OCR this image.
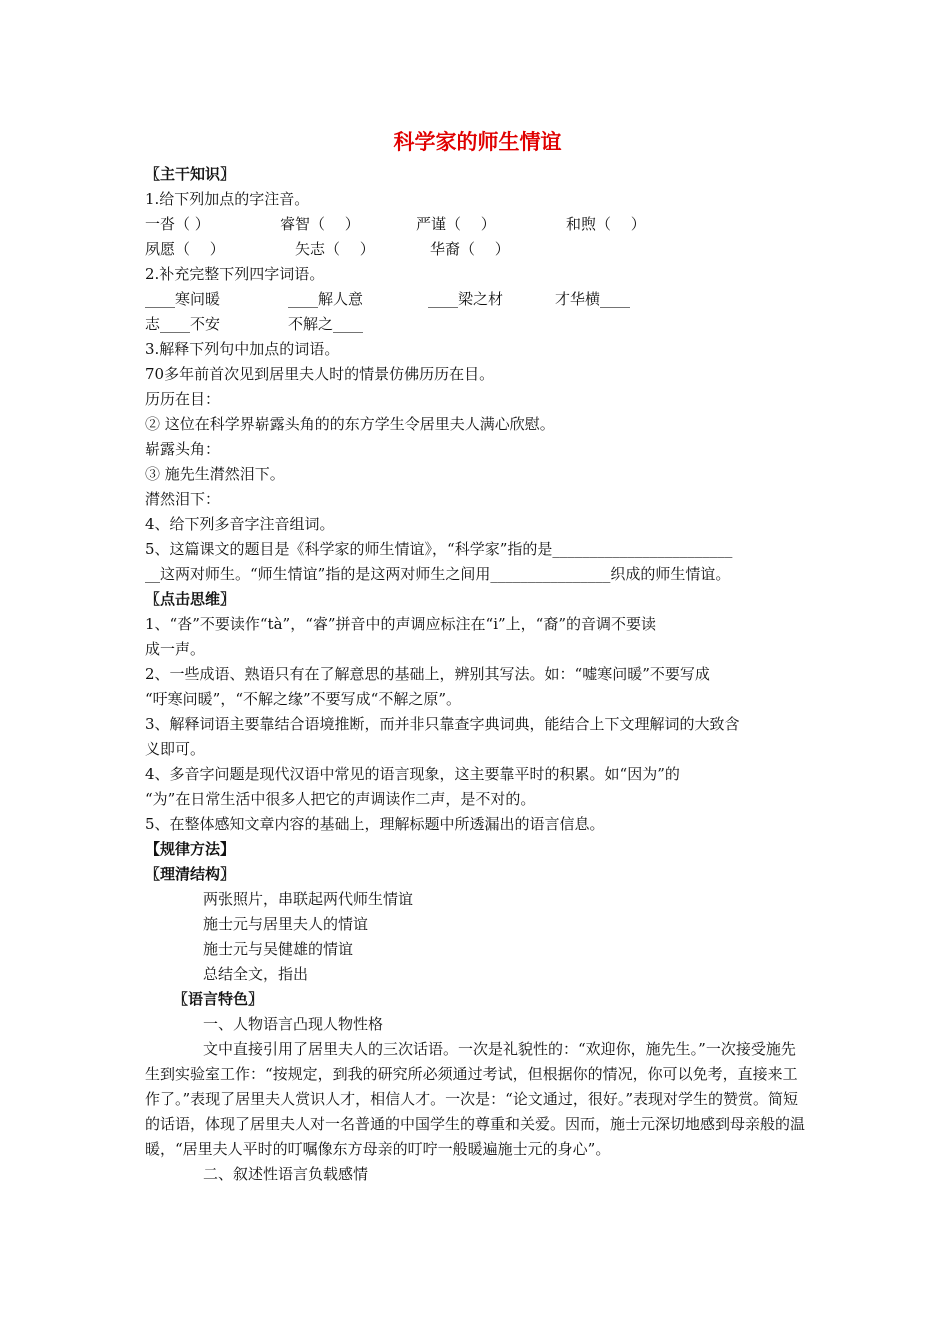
科学家的师生情谊
〖主干知识〗
1.给下列加点的字注音。
一沓（ ）	睿智（　 ）	严谨（　 ）	和煦（　 ）
夙愿（　 ）	矢志（　 ）	华裔（　 ）
2.补充完整下列四字词语。
____寒问暖	____解人意	____梁之材	才华横____
志____不安	不解之____
3.解释下列句中加点的词语。
70多年前首次见到居里夫人时的情景仿佛历历在目。
历历在目：
② 这位在科学界崭露头角的的东方学生令居里夫人满心欣慰。
崭露头角：
③ 施先生潸然泪下。
潸然泪下：
4、给下列多音字注音组词。
5、这篇课文的题目是《科学家的师生情谊》，“科学家”指的是________________________
__这两对师生。“师生情谊”指的是这两对师生之间用________________织成的师生情谊。
〖点击思维〗
1、“沓”不要读作“tà”，“睿”拼音中的声调应标注在“i”上，“裔”的音调不要读
成一声。
2、一些成语、熟语只有在了解意思的基础上，辨别其写法。如：“嘘寒问暖”不要写成
“吁寒问暖”，“不解之缘”不要写成“不解之原”。
3、解释词语主要靠结合语境推断，而并非只靠查字典词典，能结合上下文理解词的大致含
义即可。
4、多音字问题是现代汉语中常见的语言现象，这主要靠平时的积累。如“因为”的
“为”在日常生活中很多人把它的声调读作二声，是不对的。
5、在整体感知文章内容的基础上，理解标题中所透漏出的语言信息。
【规律方法】
〖理清结构〗
两张照片，串联起两代师生情谊
施士元与居里夫人的情谊
施士元与吴健雄的情谊
总结全文，指出
〖语言特色〗
一、人物语言凸现人物性格
文中直接引用了居里夫人的三次话语。一次是礼貌性的：“欢迎你，施先生。”一次接受施先生到实验室工作：“按规定，到我的研究所必须通过考试，但根据你的情况，你可以免考，直接来工作了。”表现了居里夫人赏识人才，相信人才。一次是：“论文通过，很好。”表现对学生的赞赏。简短的话语，体现了居里夫人对一名普通的中国学生的尊重和关爱。因而，施士元深切地感到母亲般的温暖，“居里夫人平时的叮嘱像东方母亲的叮咛一般暖遍施士元的身心”。
二、叙述性语言负载感情
